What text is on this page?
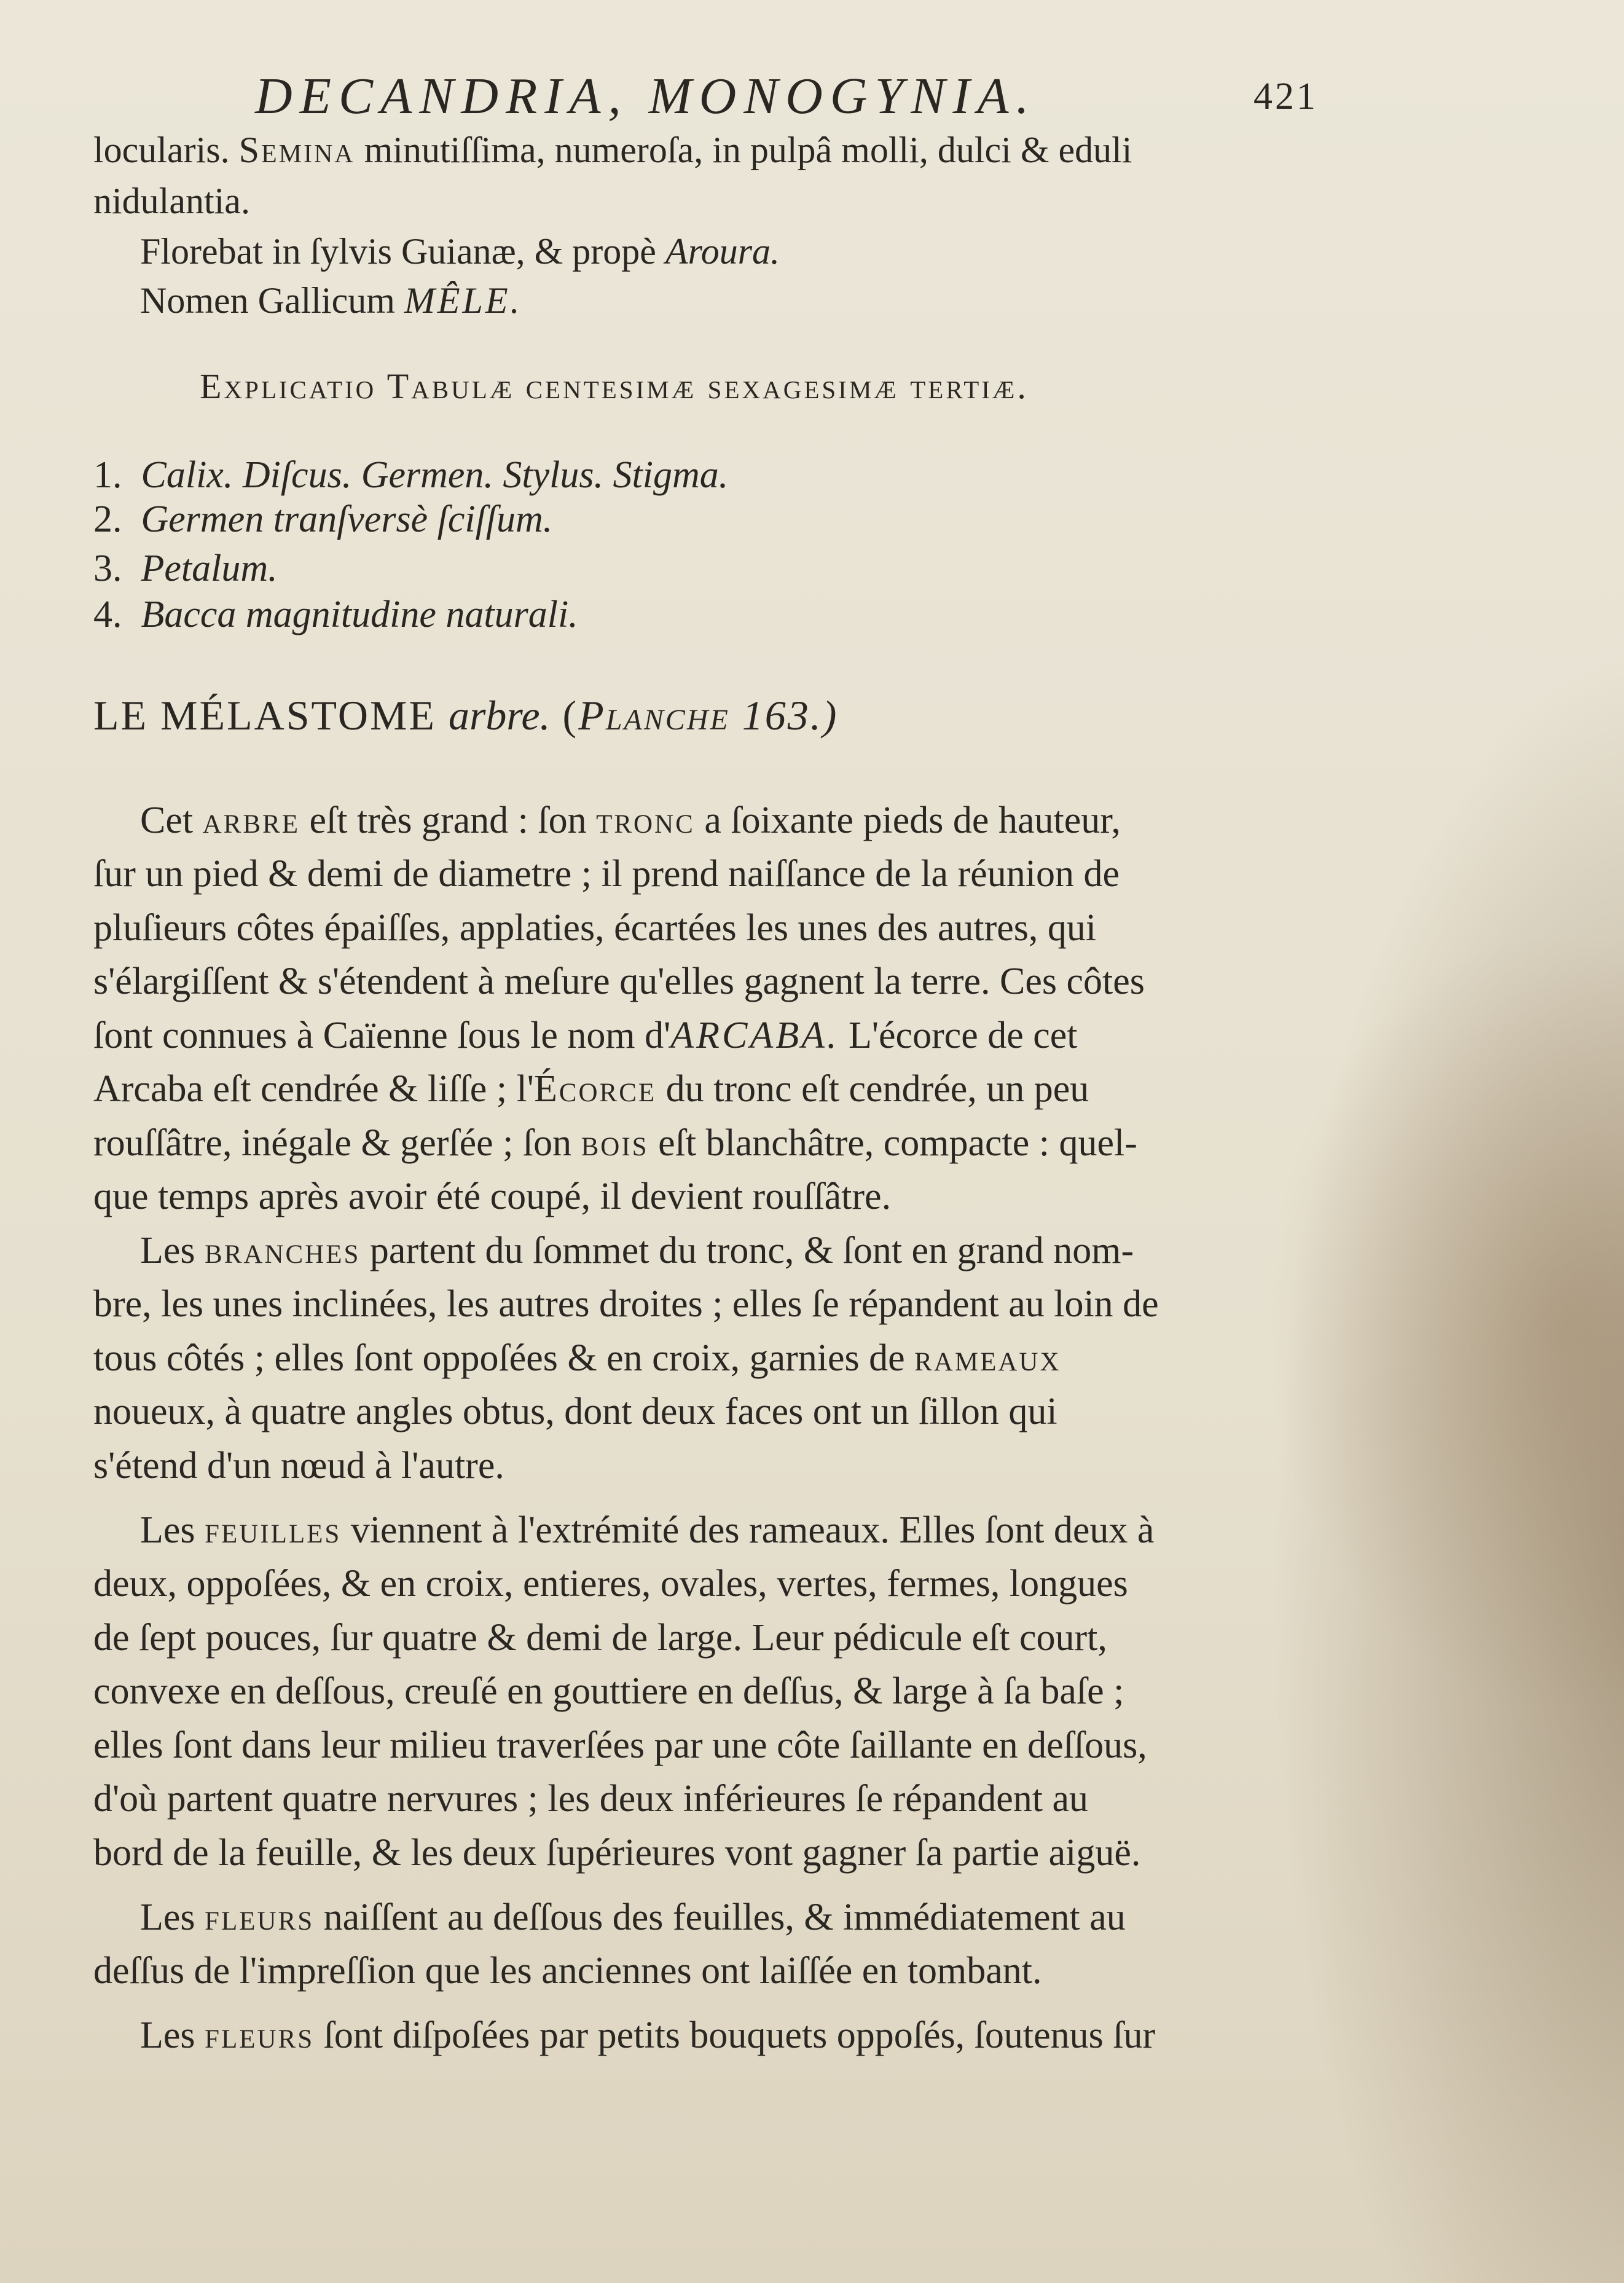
DECANDRIA, MONOGYNIA.	421
locularis. Semina minutiſſima, numeroſa, in pulpâ molli, dulci & eduli
nidulantia.
Florebat in ſylvis Guianæ, & propè Aroura.
Nomen Gallicum MÊLE.
Explicatio Tabulæ centesimæ sexagesimæ tertiæ.
1. Calix. Diſcus. Germen. Stylus. Stigma.
2. Germen tranſversè ſciſſum.
3. Petalum.
4. Bacca magnitudine naturali.
LE MÉLASTOME arbre. (Planche 163.)
Cet arbre eſt très grand : ſon tronc a ſoixante pieds de hauteur,
ſur un pied & demi de diametre ; il prend naiſſance de la réunion de
pluſieurs côtes épaiſſes, applaties, écartées les unes des autres, qui
s'élargiſſent & s'étendent à meſure qu'elles gagnent la terre. Ces côtes
ſont connues à Caïenne ſous le nom d'ARCABA. L'écorce de cet
Arcaba eſt cendrée & liſſe ; l'Écorce du tronc eſt cendrée, un peu
rouſſâtre, inégale & gerſée ; ſon bois eſt blanchâtre, compacte : quel-
que temps après avoir été coupé, il devient rouſſâtre.
Les branches partent du ſommet du tronc, & ſont en grand nom-
bre, les unes inclinées, les autres droites ; elles ſe répandent au loin de
tous côtés ; elles ſont oppoſées & en croix, garnies de rameaux
noueux, à quatre angles obtus, dont deux faces ont un ſillon qui
s'étend d'un nœud à l'autre.
Les feuilles viennent à l'extrémité des rameaux. Elles ſont deux à
deux, oppoſées, & en croix, entieres, ovales, vertes, fermes, longues
de ſept pouces, ſur quatre & demi de large. Leur pédicule eſt court,
convexe en deſſous, creuſé en gouttiere en deſſus, & large à ſa baſe ;
elles ſont dans leur milieu traverſées par une côte ſaillante en deſſous,
d'où partent quatre nervures ; les deux inférieures ſe répandent au
bord de la feuille, & les deux ſupérieures vont gagner ſa partie aiguë.
Les fleurs naiſſent au deſſous des feuilles, & immédiatement au
deſſus de l'impreſſion que les anciennes ont laiſſée en tombant.
Les fleurs ſont diſpoſées par petits bouquets oppoſés, ſoutenus ſur
